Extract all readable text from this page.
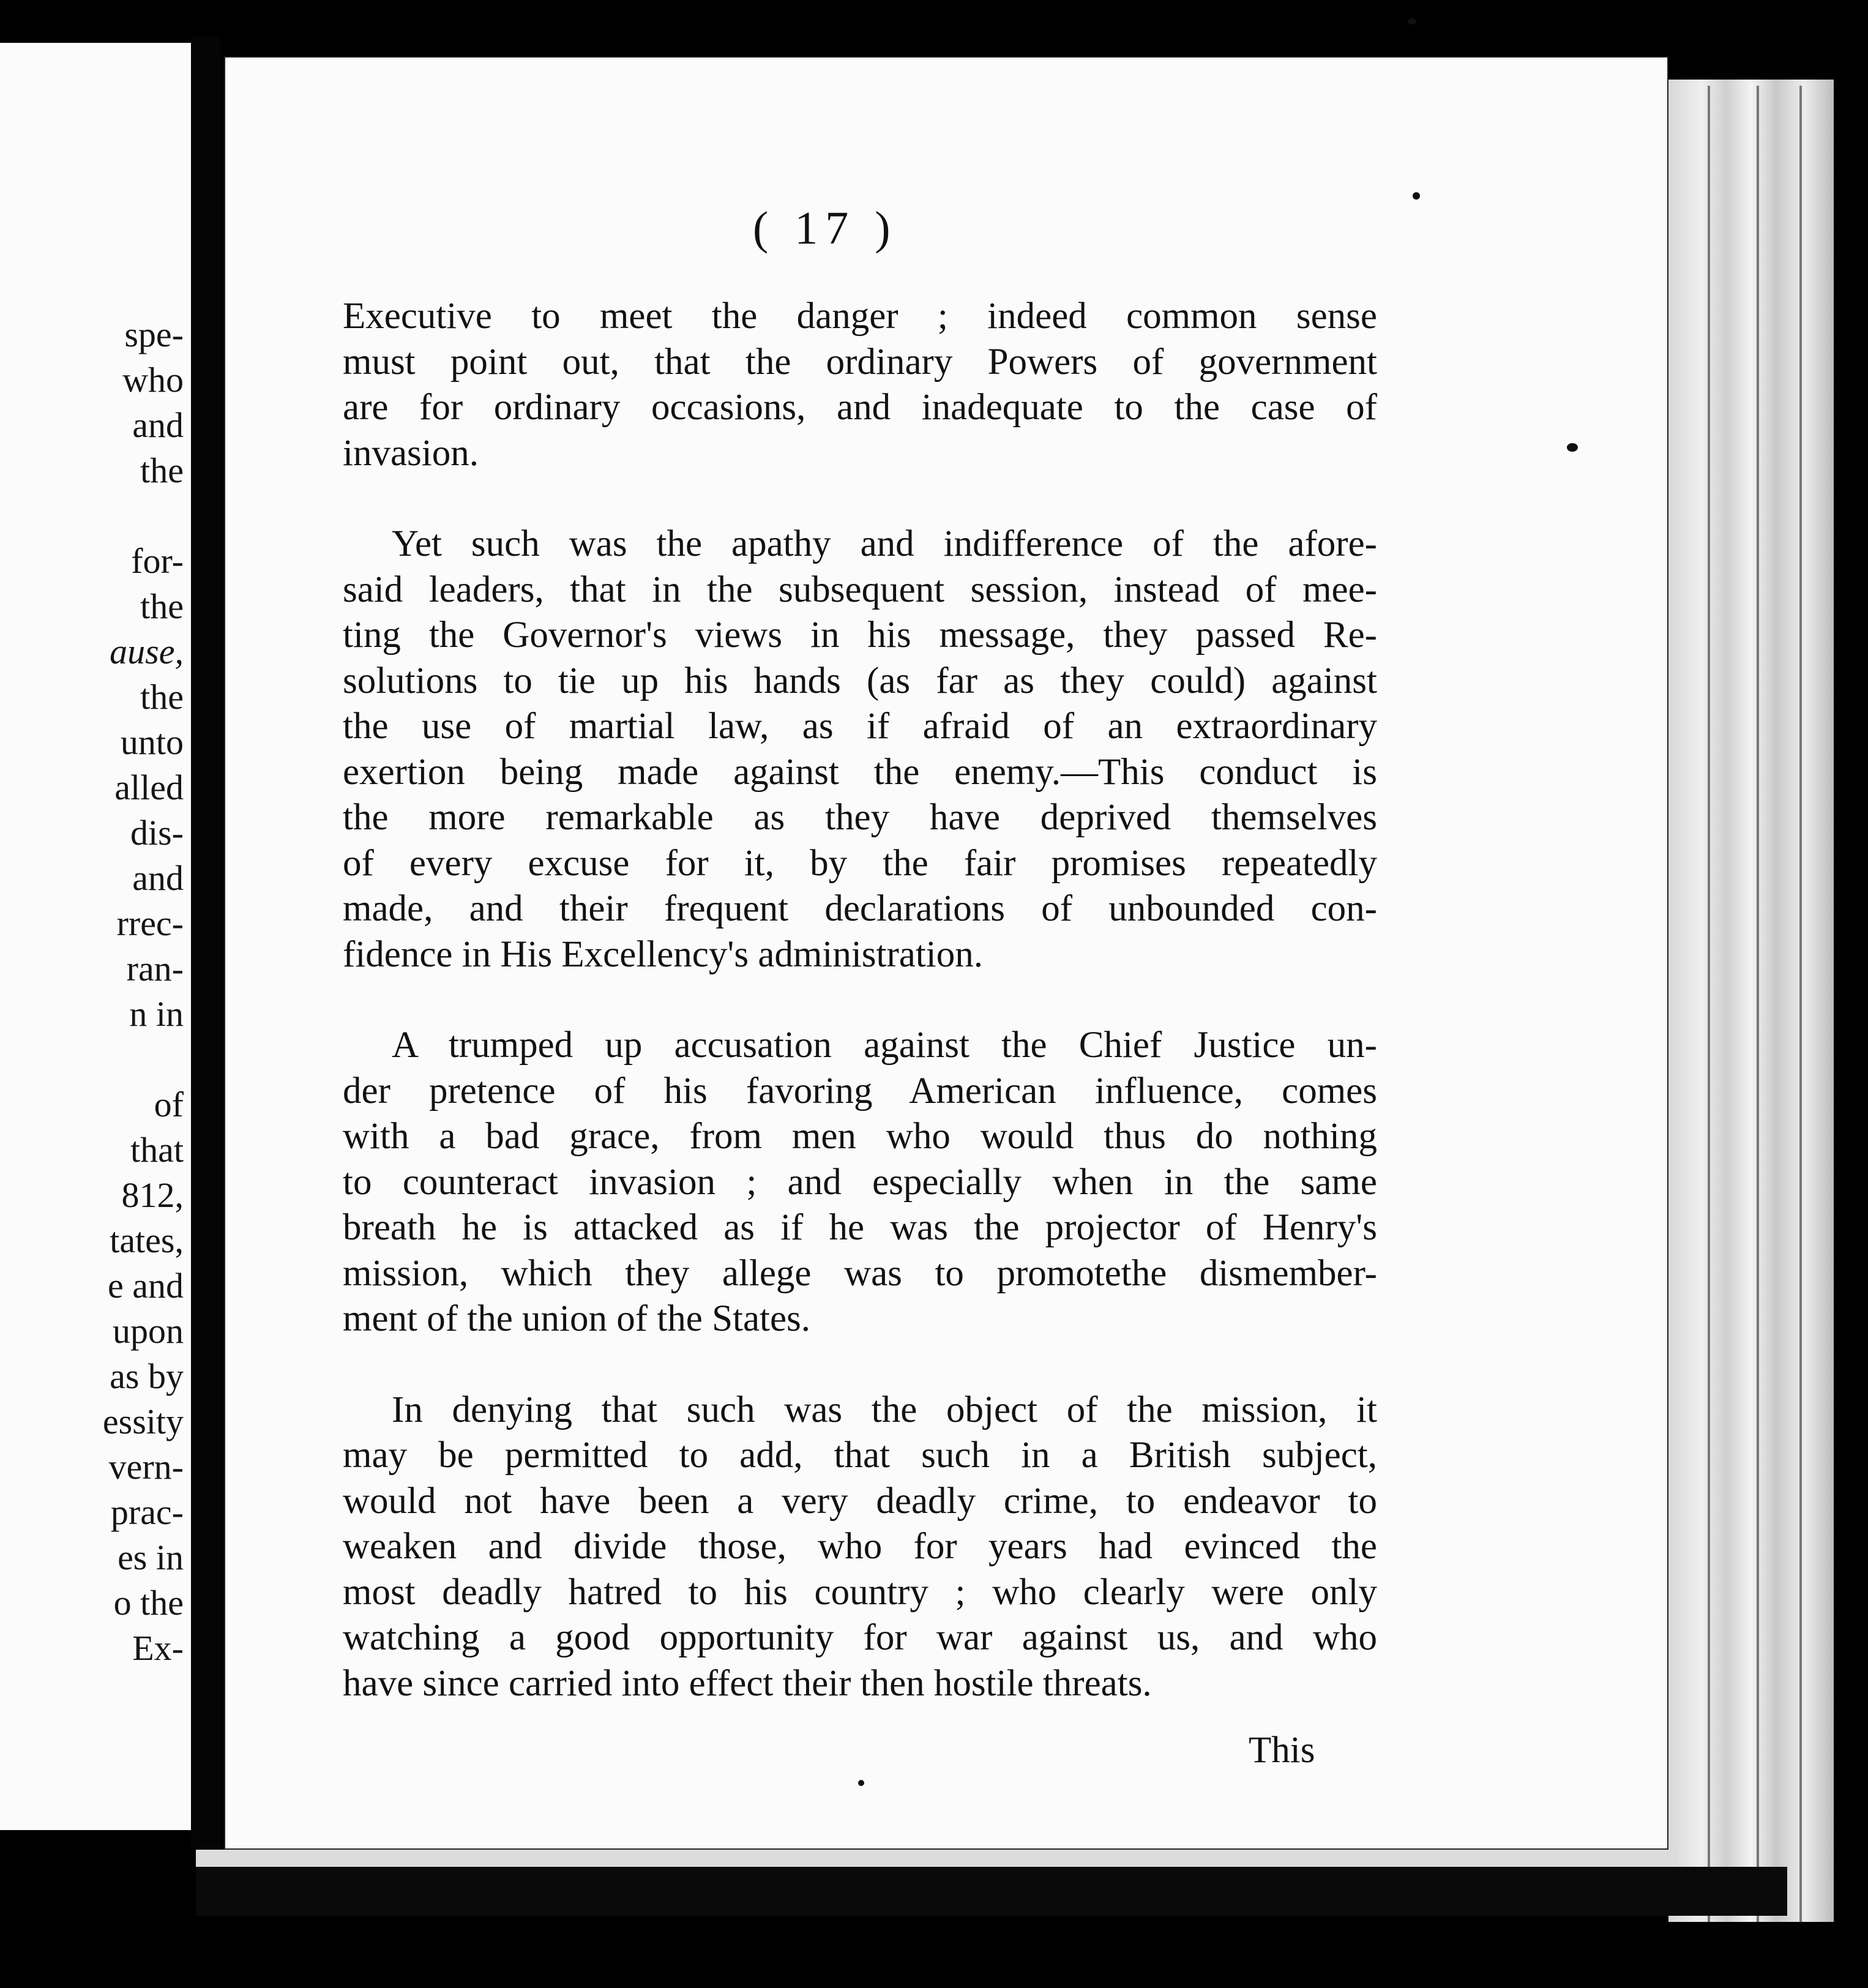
spe-
who
and
the
for-
the
ause,
the
unto
alled
dis-
and
rrec-
ran-
n in
of
that
812,
tates,
e and
upon
as by
essity
vern-
prac-
es in
o the
Ex-
( 17 )
Executive to meet the danger ; indeed common sense
must point out, that the ordinary Powers of government
are for ordinary occasions, and inadequate to the case of
invasion.
Yet such was the apathy and indifference of the afore-
said leaders, that in the subsequent session, instead of mee-
ting the Governor's views in his message, they passed Re-
solutions to tie up his hands (as far as they could) against
the use of martial law, as if afraid of an extraordinary
exertion being made against the enemy.—This conduct is
the more remarkable as they have deprived themselves
of every excuse for it, by the fair promises repeatedly
made, and their frequent declarations of unbounded con-
fidence in His Excellency's administration.
A trumped up accusation against the Chief Justice un-
der pretence of his favoring American influence, comes
with a bad grace, from men who would thus do nothing
to counteract invasion ; and especially when in the same
breath he is attacked as if he was the projector of Henry's
mission, which they allege was to promotethe dismember-
ment of the union of the States.
In denying that such was the object of the mission, it
may be permitted to add, that such in a British subject,
would not have been a very deadly crime, to endeavor to
weaken and divide those, who for years had evinced the
most deadly hatred to his country ; who clearly were only
watching a good opportunity for war against us, and who
have since carried into effect their then hostile threats.
This
